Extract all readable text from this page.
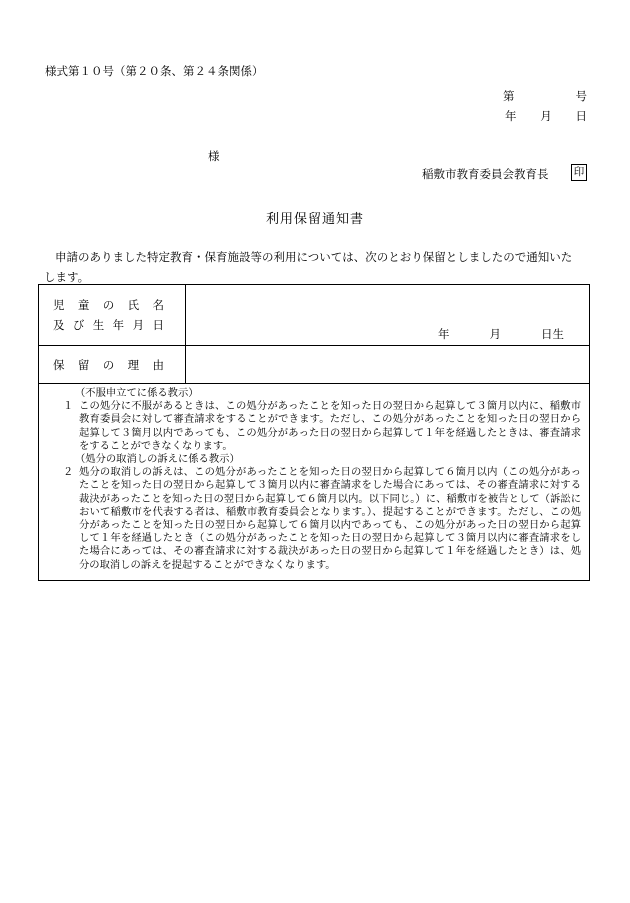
様式第１０号（第２０条、第２４条関係）
第	号
年 月 日
様
稲敷市教育委員会教育長 印
利用保留通知書
申請のありました特定教育・保育施設等の利用については、次のとおり保留としましたので通知いた
します。
児 童 の 氏 名
及 び 生 年 月 日
年	月	日生
保 留 の 理 由
（不服申立てに係る教示）
１ この処分に不服があるときは、この処分があったことを知った日の翌日から起算して３箇月以内に、稲敷市教育委員会に対して審査請求をすることができます。ただし、この処分があったことを知った日の翌日から起算して３箇月以内であっても、この処分があった日の翌日から起算して１年を経過したときは、審査請求をすることができなくなります。
（処分の取消しの訴えに係る教示）
２ 処分の取消しの訴えは、この処分があったことを知った日の翌日から起算して６箇月以内（この処分があったことを知った日の翌日から起算して３箇月以内に審査請求をした場合にあっては、その審査請求に対する裁決があったことを知った日の翌日から起算して６箇月以内。以下同じ。）に、稲敷市を被告として（訴訟において稲敷市を代表する者は、稲敷市教育委員会となります。）、提起することができます。ただし、この処分があったことを知った日の翌日から起算して６箇月以内であっても、この処分があった日の翌日から起算して１年を経過したとき（この処分があったことを知った日の翌日から起算して３箇月以内に審査請求をした場合にあっては、その審査請求に対する裁決があった日の翌日から起算して１年を経過したとき）は、処分の取消しの訴えを提起することができなくなります。
